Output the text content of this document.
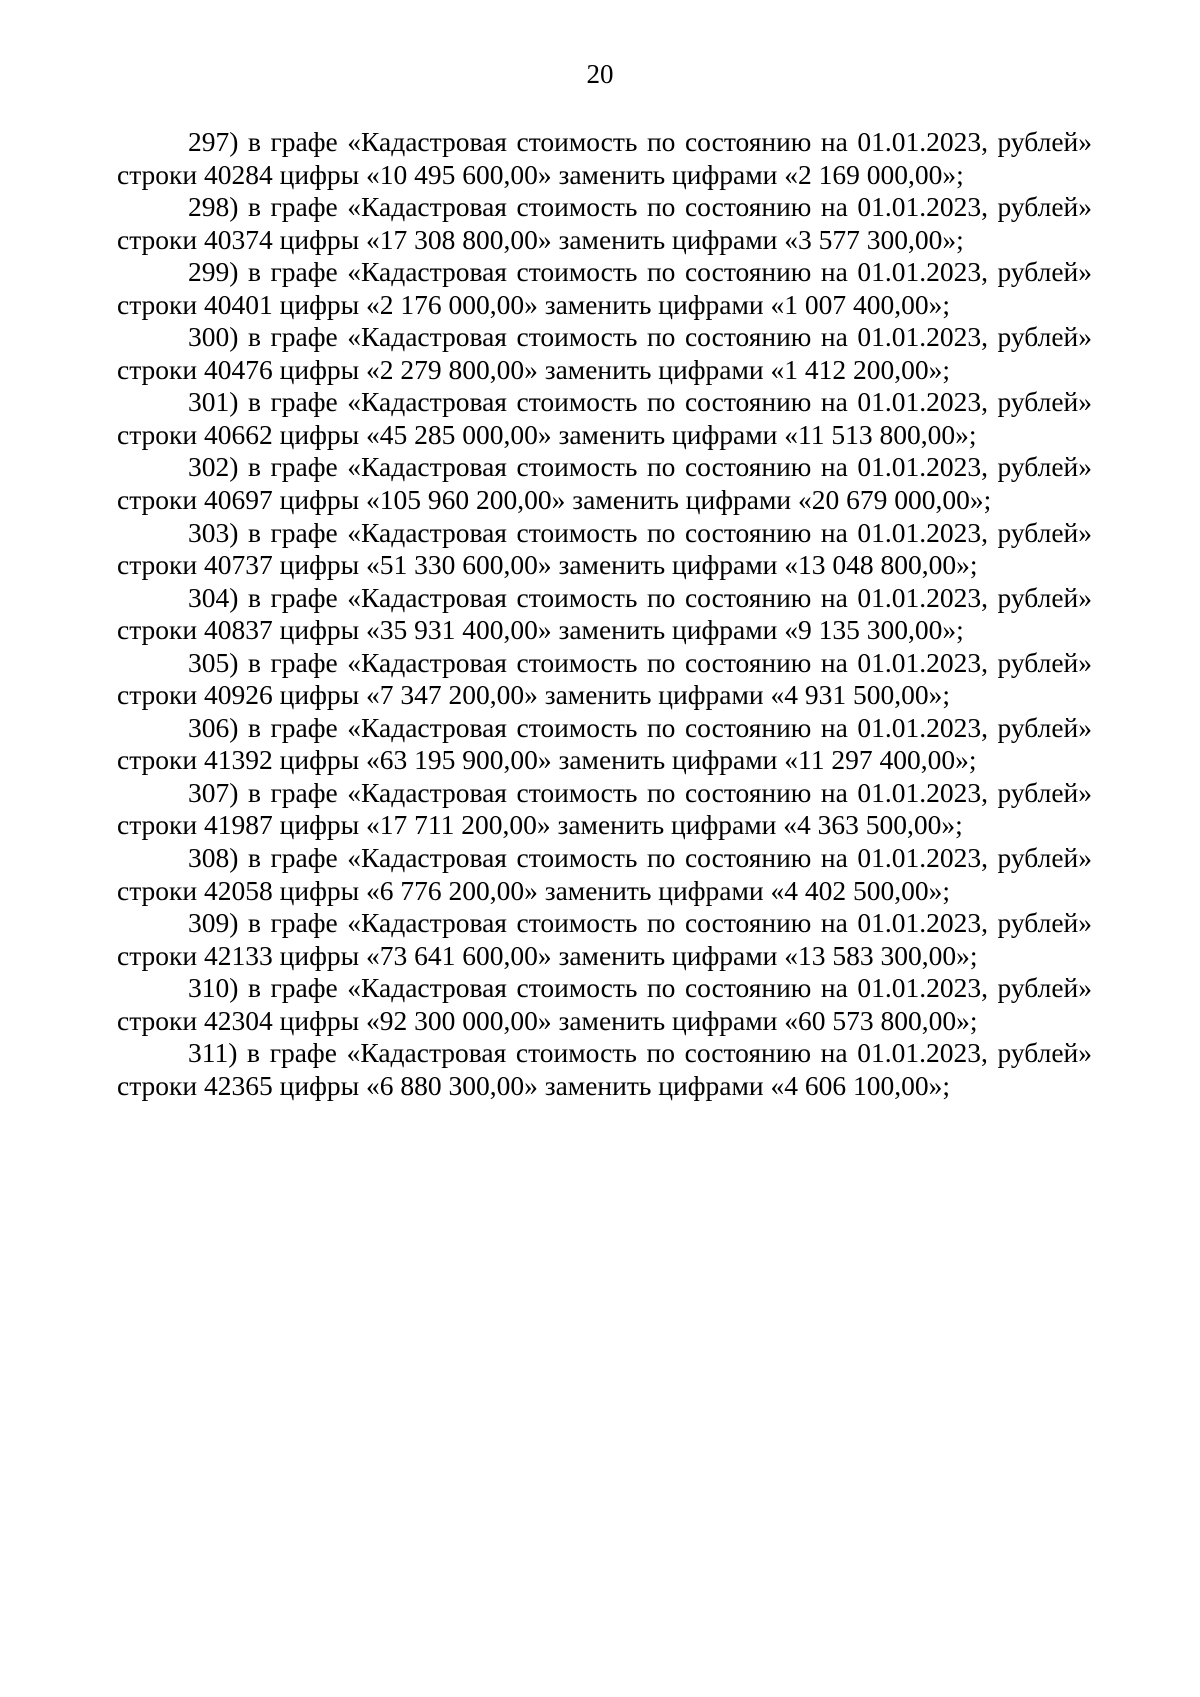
20

297) в графе «Кадастровая стоимость по состоянию на 01.01.2023, рублей» строки 40284 цифры «10 495 600,00» заменить цифрами «2 169 000,00»;

298) в графе «Кадастровая стоимость по состоянию на 01.01.2023, рублей» строки 40374 цифры «17 308 800,00» заменить цифрами «3 577 300,00»;

299) в графе «Кадастровая стоимость по состоянию на 01.01.2023, рублей» строки 40401 цифры «2 176 000,00» заменить цифрами «1 007 400,00»;

300) в графе «Кадастровая стоимость по состоянию на 01.01.2023, рублей» строки 40476 цифры «2 279 800,00» заменить цифрами «1 412 200,00»;

301) в графе «Кадастровая стоимость по состоянию на 01.01.2023, рублей» строки 40662 цифры «45 285 000,00» заменить цифрами «11 513 800,00»;

302) в графе «Кадастровая стоимость по состоянию на 01.01.2023, рублей» строки 40697 цифры «105 960 200,00» заменить цифрами «20 679 000,00»;

303) в графе «Кадастровая стоимость по состоянию на 01.01.2023, рублей» строки 40737 цифры «51 330 600,00» заменить цифрами «13 048 800,00»;

304) в графе «Кадастровая стоимость по состоянию на 01.01.2023, рублей» строки 40837 цифры «35 931 400,00» заменить цифрами «9 135 300,00»;

305) в графе «Кадастровая стоимость по состоянию на 01.01.2023, рублей» строки 40926 цифры «7 347 200,00» заменить цифрами «4 931 500,00»;

306) в графе «Кадастровая стоимость по состоянию на 01.01.2023, рублей» строки 41392 цифры «63 195 900,00» заменить цифрами «11 297 400,00»;

307) в графе «Кадастровая стоимость по состоянию на 01.01.2023, рублей» строки 41987 цифры «17 711 200,00» заменить цифрами «4 363 500,00»;

308) в графе «Кадастровая стоимость по состоянию на 01.01.2023, рублей» строки 42058 цифры «6 776 200,00» заменить цифрами «4 402 500,00»;

309) в графе «Кадастровая стоимость по состоянию на 01.01.2023, рублей» строки 42133 цифры «73 641 600,00» заменить цифрами «13 583 300,00»;

310) в графе «Кадастровая стоимость по состоянию на 01.01.2023, рублей» строки 42304 цифры «92 300 000,00» заменить цифрами «60 573 800,00»;

311) в графе «Кадастровая стоимость по состоянию на 01.01.2023, рублей» строки 42365 цифры «6 880 300,00» заменить цифрами «4 606 100,00»;
